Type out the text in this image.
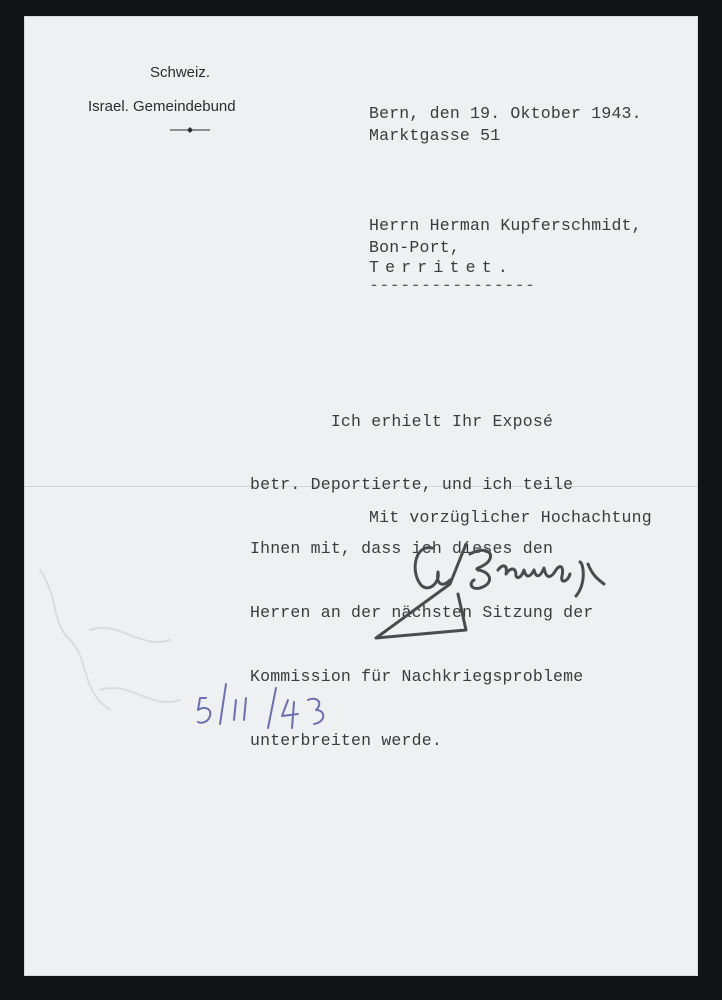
Schweiz.
Israel. Gemeindebund	Bern, den 19. Oktober 1943.
Marktgasse 51
Herrn Herman Kupferschmidt,
Bon-Port,
Territet.
----------------

Ich erhielt Ihr Exposé

betr. Deportierte, und ich teile

Ihnen mit, dass ich dieses den

Herren an der nächsten Sitzung der

Kommission für Nachkriegsprobleme

unterbreiten werde.

Mit vorzüglicher Hochachtung
